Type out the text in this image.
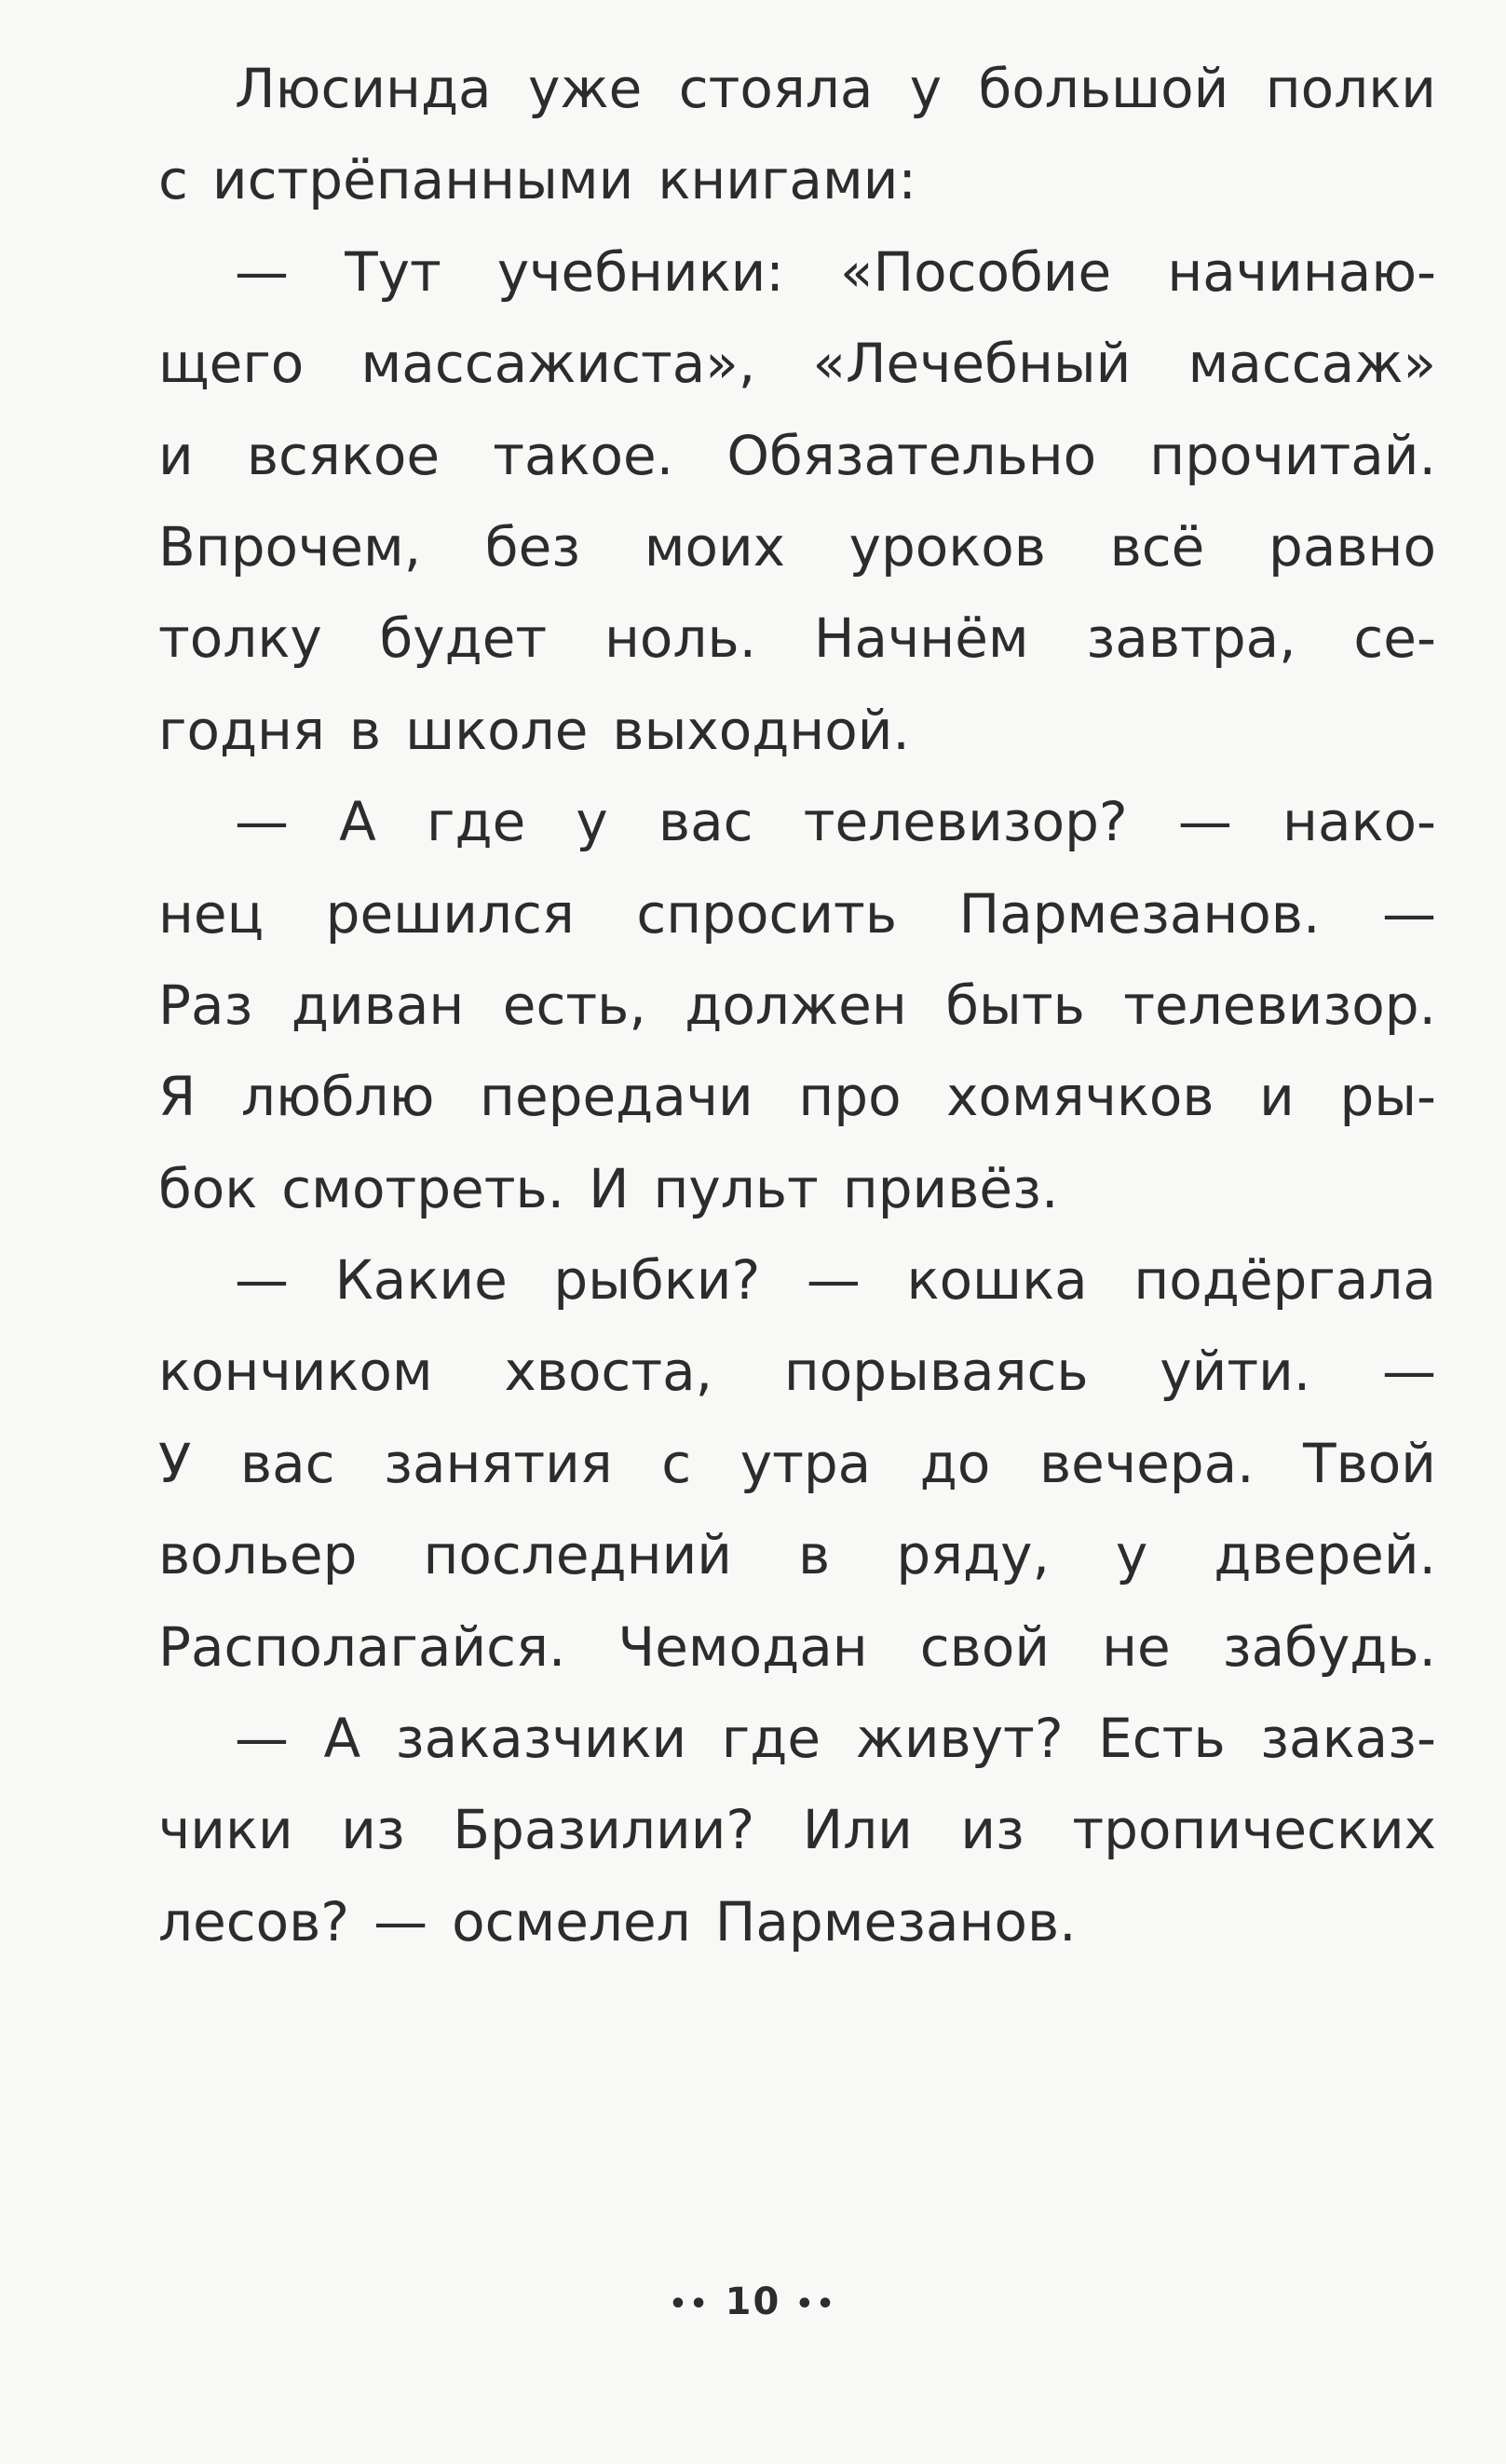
Люсинда уже стояла у большой полки
с истрёпанными книгами:
— Тут учебники: «Пособие начинаю-
щего массажиста», «Лечебный массаж»
и всякое такое. Обязательно прочитай.
Впрочем, без моих уроков всё равно
толку будет ноль. Начнём завтра, се-
годня в школе выходной.
— А где у вас телевизор? — нако-
нец решился спросить Пармезанов. —
Раз диван есть, должен быть телевизор.
Я люблю передачи про хомячков и ры-
бок смотреть. И пульт привёз.
— Какие рыбки? — кошка подёргала
кончиком хвоста, порываясь уйти. —
У вас занятия с утра до вечера. Твой
вольер последний в ряду, у дверей.
Располагайся. Чемодан свой не забудь.
— А заказчики где живут? Есть заказ-
чики из Бразилии? Или из тропических
лесов? — осмелел Пармезанов.
•• 10 ••
